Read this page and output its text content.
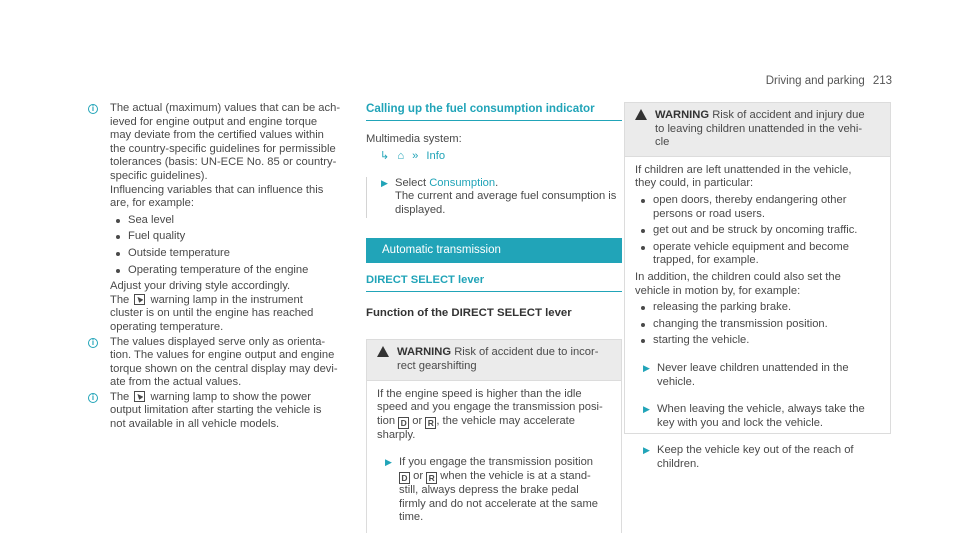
Driving and parking 213
i	The actual (maximum) values that can be ach-

ieved for engine output and engine torque

may deviate from the certified values within

the country-specific guidelines for permissible

tolerances (basis: UN-ECE No. 85 or country-

specific guidelines).

Influencing variables that can influence this

are, for example:

Sea level
Fuel quality
Outside temperature
Operating temperature of the engine

Adjust your driving style accordingly.

The warning lamp in the instrument

cluster is on until the engine has reached

operating temperature.

i	The values displayed serve only as orienta-

tion. The values for engine output and engine

torque shown on the central display may devi-

ate from the actual values.

i	The warning lamp to show the power

output limitation after starting the vehicle is

not available in all vehicle models.

Calling up the fuel consumption indicator

Multimedia system:

↳ ⌂ » Info
▶ Select Consumption.

The current and average fuel consumption is

displayed.

Automatic transmission
DIRECT SELECT lever
Function of the DIRECT SELECT lever

WARNING Risk of accident due to incor-

rect gearshifting

If the engine speed is higher than the idle

speed and you engage the transmission posi-

tion D or R , the vehicle may accelerate

sharply.

▶ If you engage the transmission position

D or R when the vehicle is at a stand-

still, always depress the brake pedal

firmly and do not accelerate at the same

time.

WARNING Risk of accident and injury due

to leaving children unattended in the vehi-

cle

If children are left unattended in the vehicle,

they could, in particular:

open doors, thereby endangering other
persons or road users.
get out and be struck by oncoming traffic.
operate vehicle equipment and become
trapped, for example.

In addition, the children could also set the

vehicle in motion by, for example:

releasing the parking brake.
changing the transmission position.
starting the vehicle.
▶ Never leave children unattended in the

vehicle.

▶ When leaving the vehicle, always take the

key with you and lock the vehicle.

▶ Keep the vehicle key out of the reach of

children.
